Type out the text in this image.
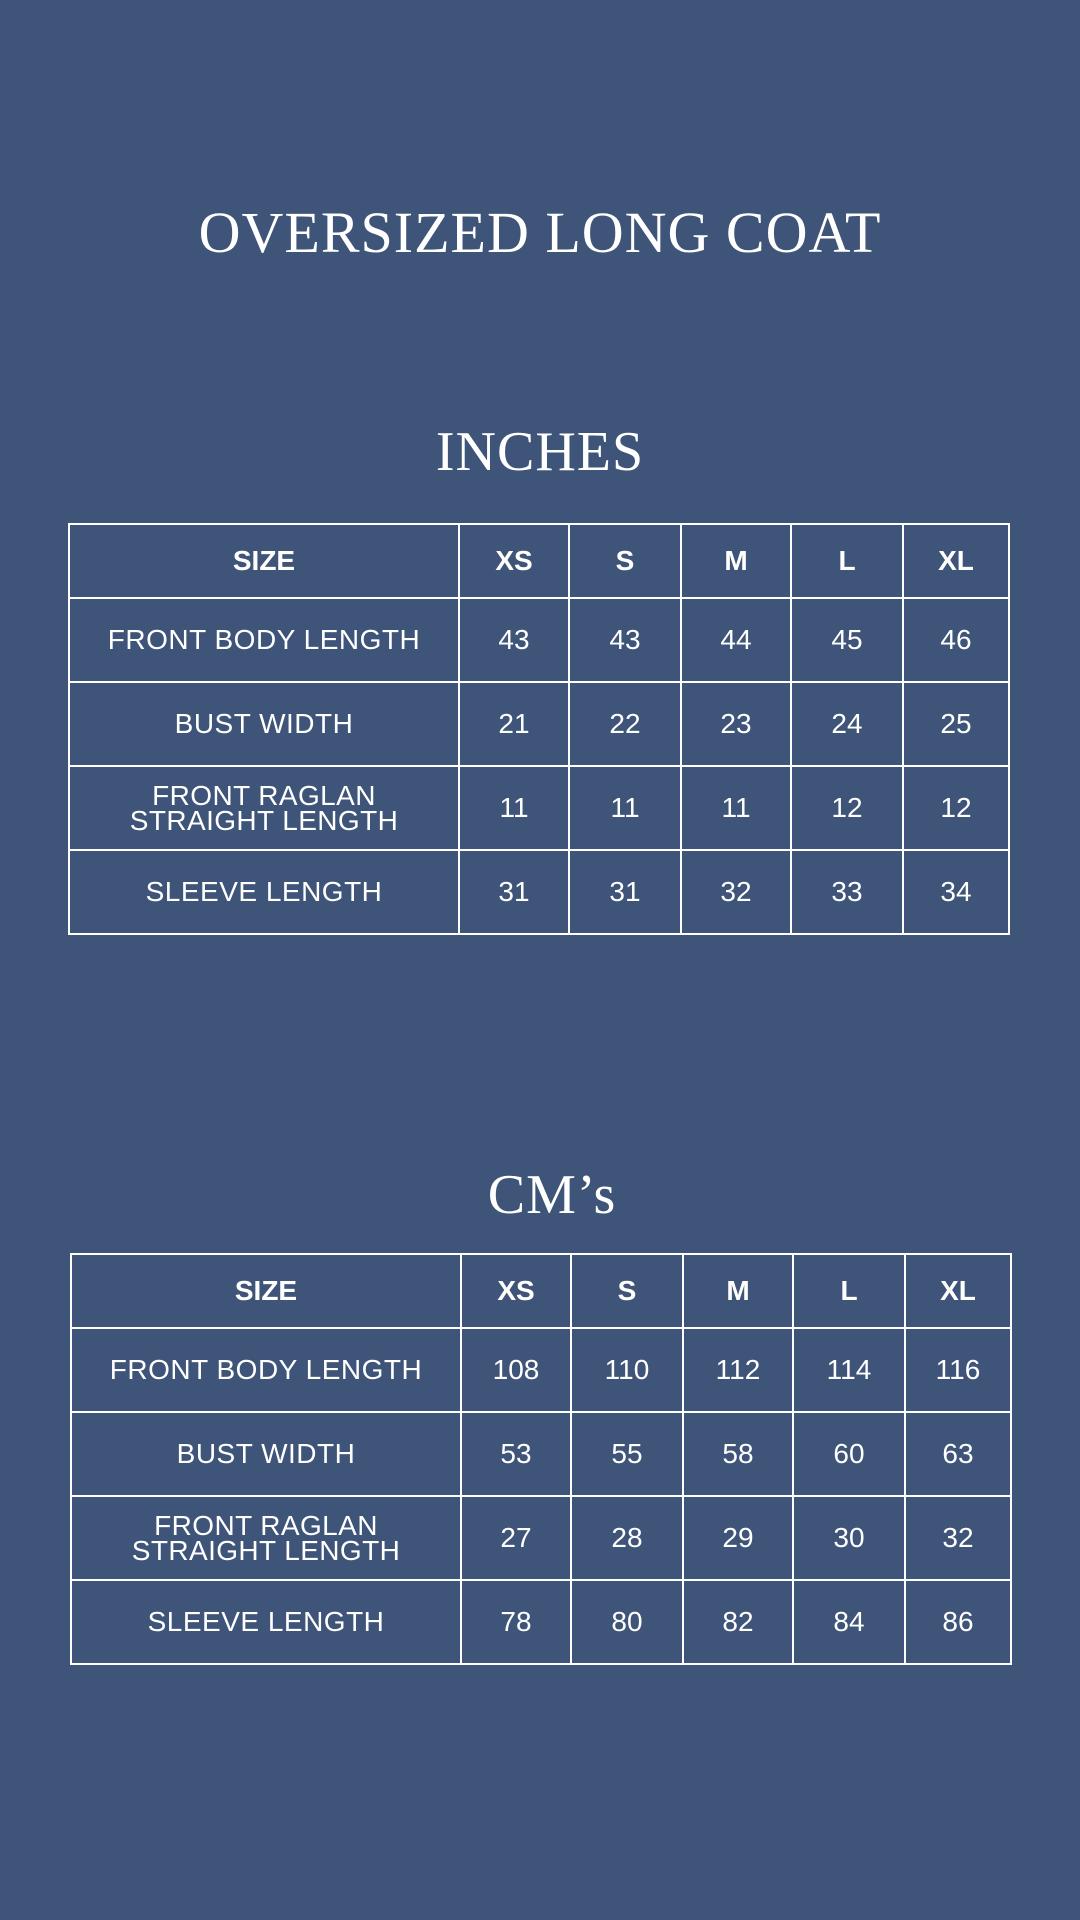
OVERSIZED LONG COAT
INCHES
SIZE	XS	S	M	L	XL
FRONT BODY LENGTH	43	43	44	45	46
BUST WIDTH	21	22	23	24	25

FRONT RAGLAN
STRAIGHT LENGTH	11	11	11	12	12
SLEEVE LENGTH	31	31	32	33	34
CM’s
SIZE	XS	S	M	L	XL
FRONT BODY LENGTH	108	110	112	114	116
BUST WIDTH	53	55	58	60	63

FRONT RAGLAN
STRAIGHT LENGTH	27	28	29	30	32
SLEEVE LENGTH	78	80	82	84	86
